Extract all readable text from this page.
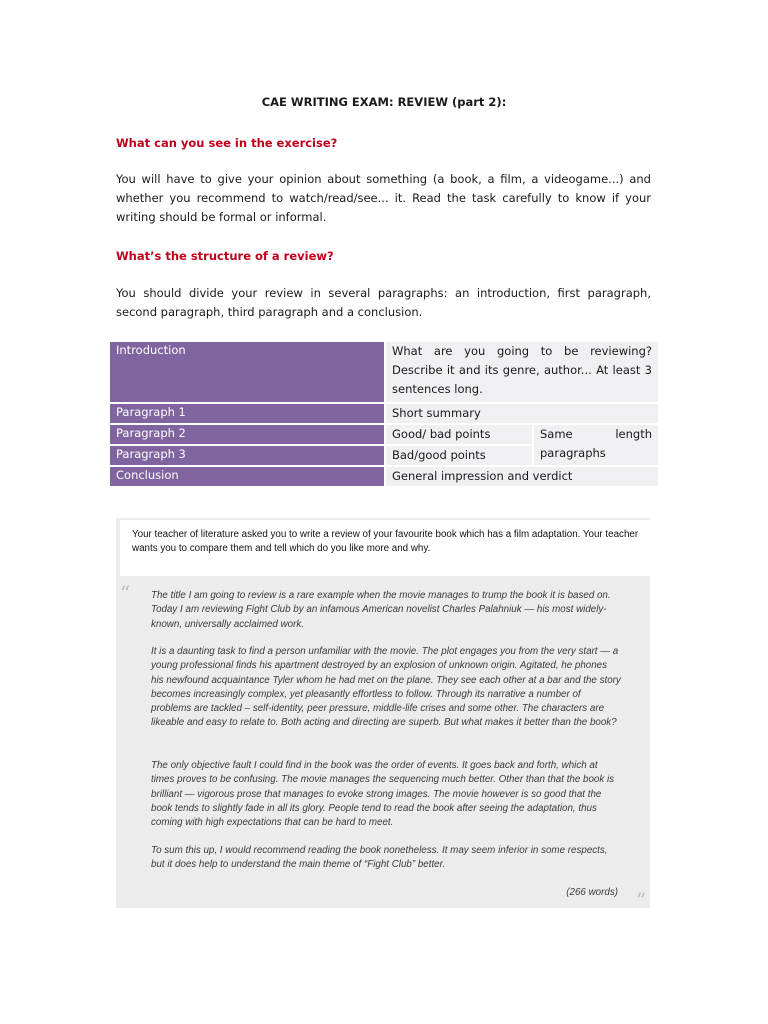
CAE WRITING EXAM: REVIEW (part 2):
What can you see in the exercise?
You will have to give your opinion about something (a book, a film, a videogame...) and whether you recommend to watch/read/see... it. Read the task carefully to know if your writing should be formal or informal.
What’s the structure of a review?
You should divide your review in several paragraphs: an introduction, first paragraph, second paragraph, third paragraph and a conclusion.
Introduction	What are you going to be reviewing? Describe it and its genre, author... At least 3 sentences long.	
Paragraph 1	Short summary	
Paragraph 2	Good/ bad points	Same length paragraphs
Paragraph 3	Bad/good points	
Conclusion	General impression and verdict	
Your teacher of literature asked you to write a review of your favourite book which has a film adaptation. Your teacher wants you to compare them and tell which do you like more and why.
“ The title I am going to review is a rare example when the movie manages to trump the book it is based on. Today I am reviewing Fight Club by an infamous American novelist Charles Palahniuk — his most widely-known, universally acclaimed work.
It is a daunting task to find a person unfamiliar with the movie. The plot engages you from the very start — a young professional finds his apartment destroyed by an explosion of unknown origin. Agitated, he phones his newfound acquaintance Tyler whom he had met on the plane. They see each other at a bar and the story becomes increasingly complex, yet pleasantly effortless to follow. Through its narrative a number of problems are tackled – self-identity, peer pressure, middle-life crises and some other. The characters are likeable and easy to relate to. Both acting and directing are superb. But what makes it better than the book?
The only objective fault I could find in the book was the order of events. It goes back and forth, which at times proves to be confusing. The movie manages the sequencing much better. Other than that the book is brilliant — vigorous prose that manages to evoke strong images. The movie however is so good that the book tends to slightly fade in all its glory. People tend to read the book after seeing the adaptation, thus coming with high expectations that can be hard to meet.
To sum this up, I would recommend reading the book nonetheless. It may seem inferior in some respects, but it does help to understand the main theme of “Fight Club” better.
(266 words) ”
